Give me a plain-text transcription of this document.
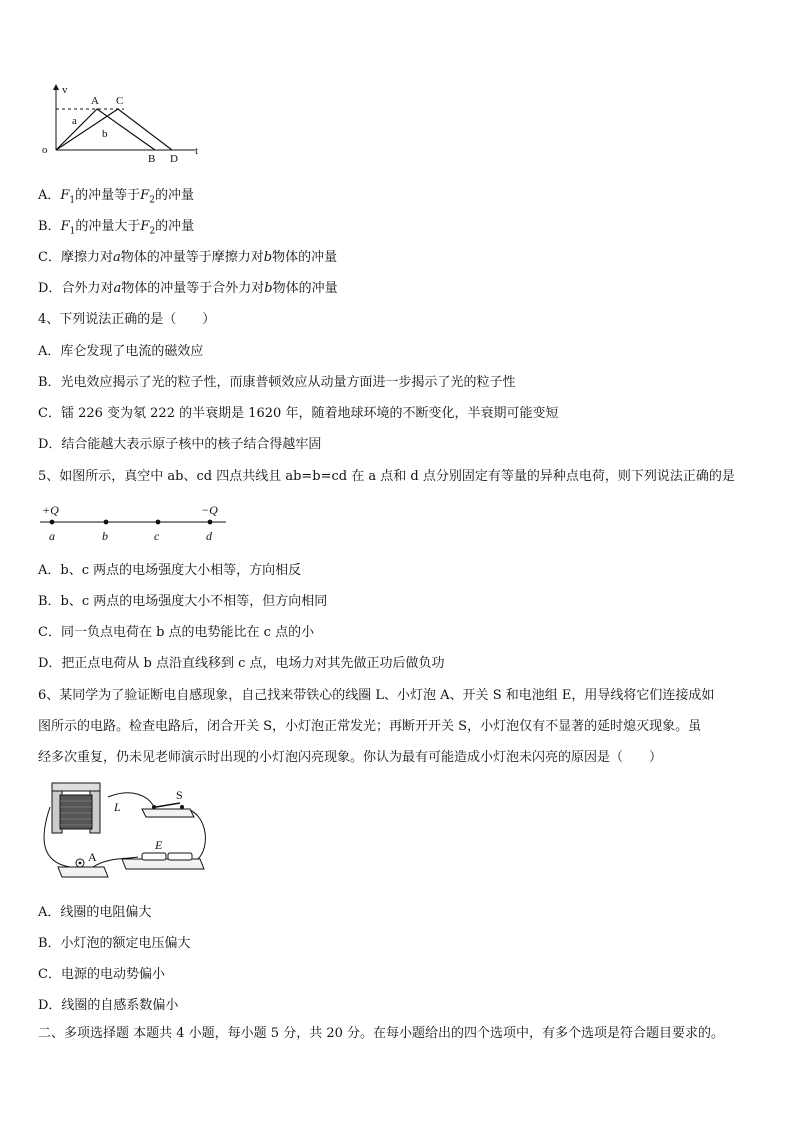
v
t
o
A C
B D
a
b
A．$F_1$的冲量等于$F_2$的冲量
B．$F_1$的冲量大于$F_2$的冲量
C．摩擦力对a物体的冲量等于摩擦力对b物体的冲量
D．合外力对a物体的冲量等于合外力对b物体的冲量
4、下列说法正确的是（　　）
A．库仑发现了电流的磁效应
B．光电效应揭示了光的粒子性，而康普顿效应从动量方面进一步揭示了光的粒子性
C．镭 226 变为氡 222 的半衰期是 1620 年，随着地球环境的不断变化，半衰期可能变短
D．结合能越大表示原子核中的核子结合得越牢固
5、如图所示，真空中 ab、cd 四点共线且 ab=b=cd 在 a 点和 d 点分别固定有等量的异种点电荷，则下列说法正确的是
+Q	−Q
a	b	c	d
A．b、c 两点的电场强度大小相等，方向相反
B．b、c 两点的电场强度大小不相等，但方向相同
C．同一负点电荷在 b 点的电势能比在 c 点的小
D．把正点电荷从 b 点沿直线移到 c 点，电场力对其先做正功后做负功
6、某同学为了验证断电自感现象，自己找来带铁心的线圈 L、小灯泡 A、开关 S 和电池组 E，用导线将它们连接成如
图所示的电路。检查电路后，闭合开关 S，小灯泡正常发光；再断开开关 S，小灯泡仅有不显著的延时熄灭现象。虽
经多次重复，仍未见老师演示时出现的小灯泡闪亮现象。你认为最有可能造成小灯泡未闪亮的原因是（　　）
L
S
A
E
A．线圈的电阻偏大
B．小灯泡的额定电压偏大
C．电源的电动势偏小
D．线圈的自感系数偏小
二、多项选择题 本题共 4 小题，每小题 5 分，共 20 分。在每小题给出的四个选项中，有多个选项是符合题目要求的。
